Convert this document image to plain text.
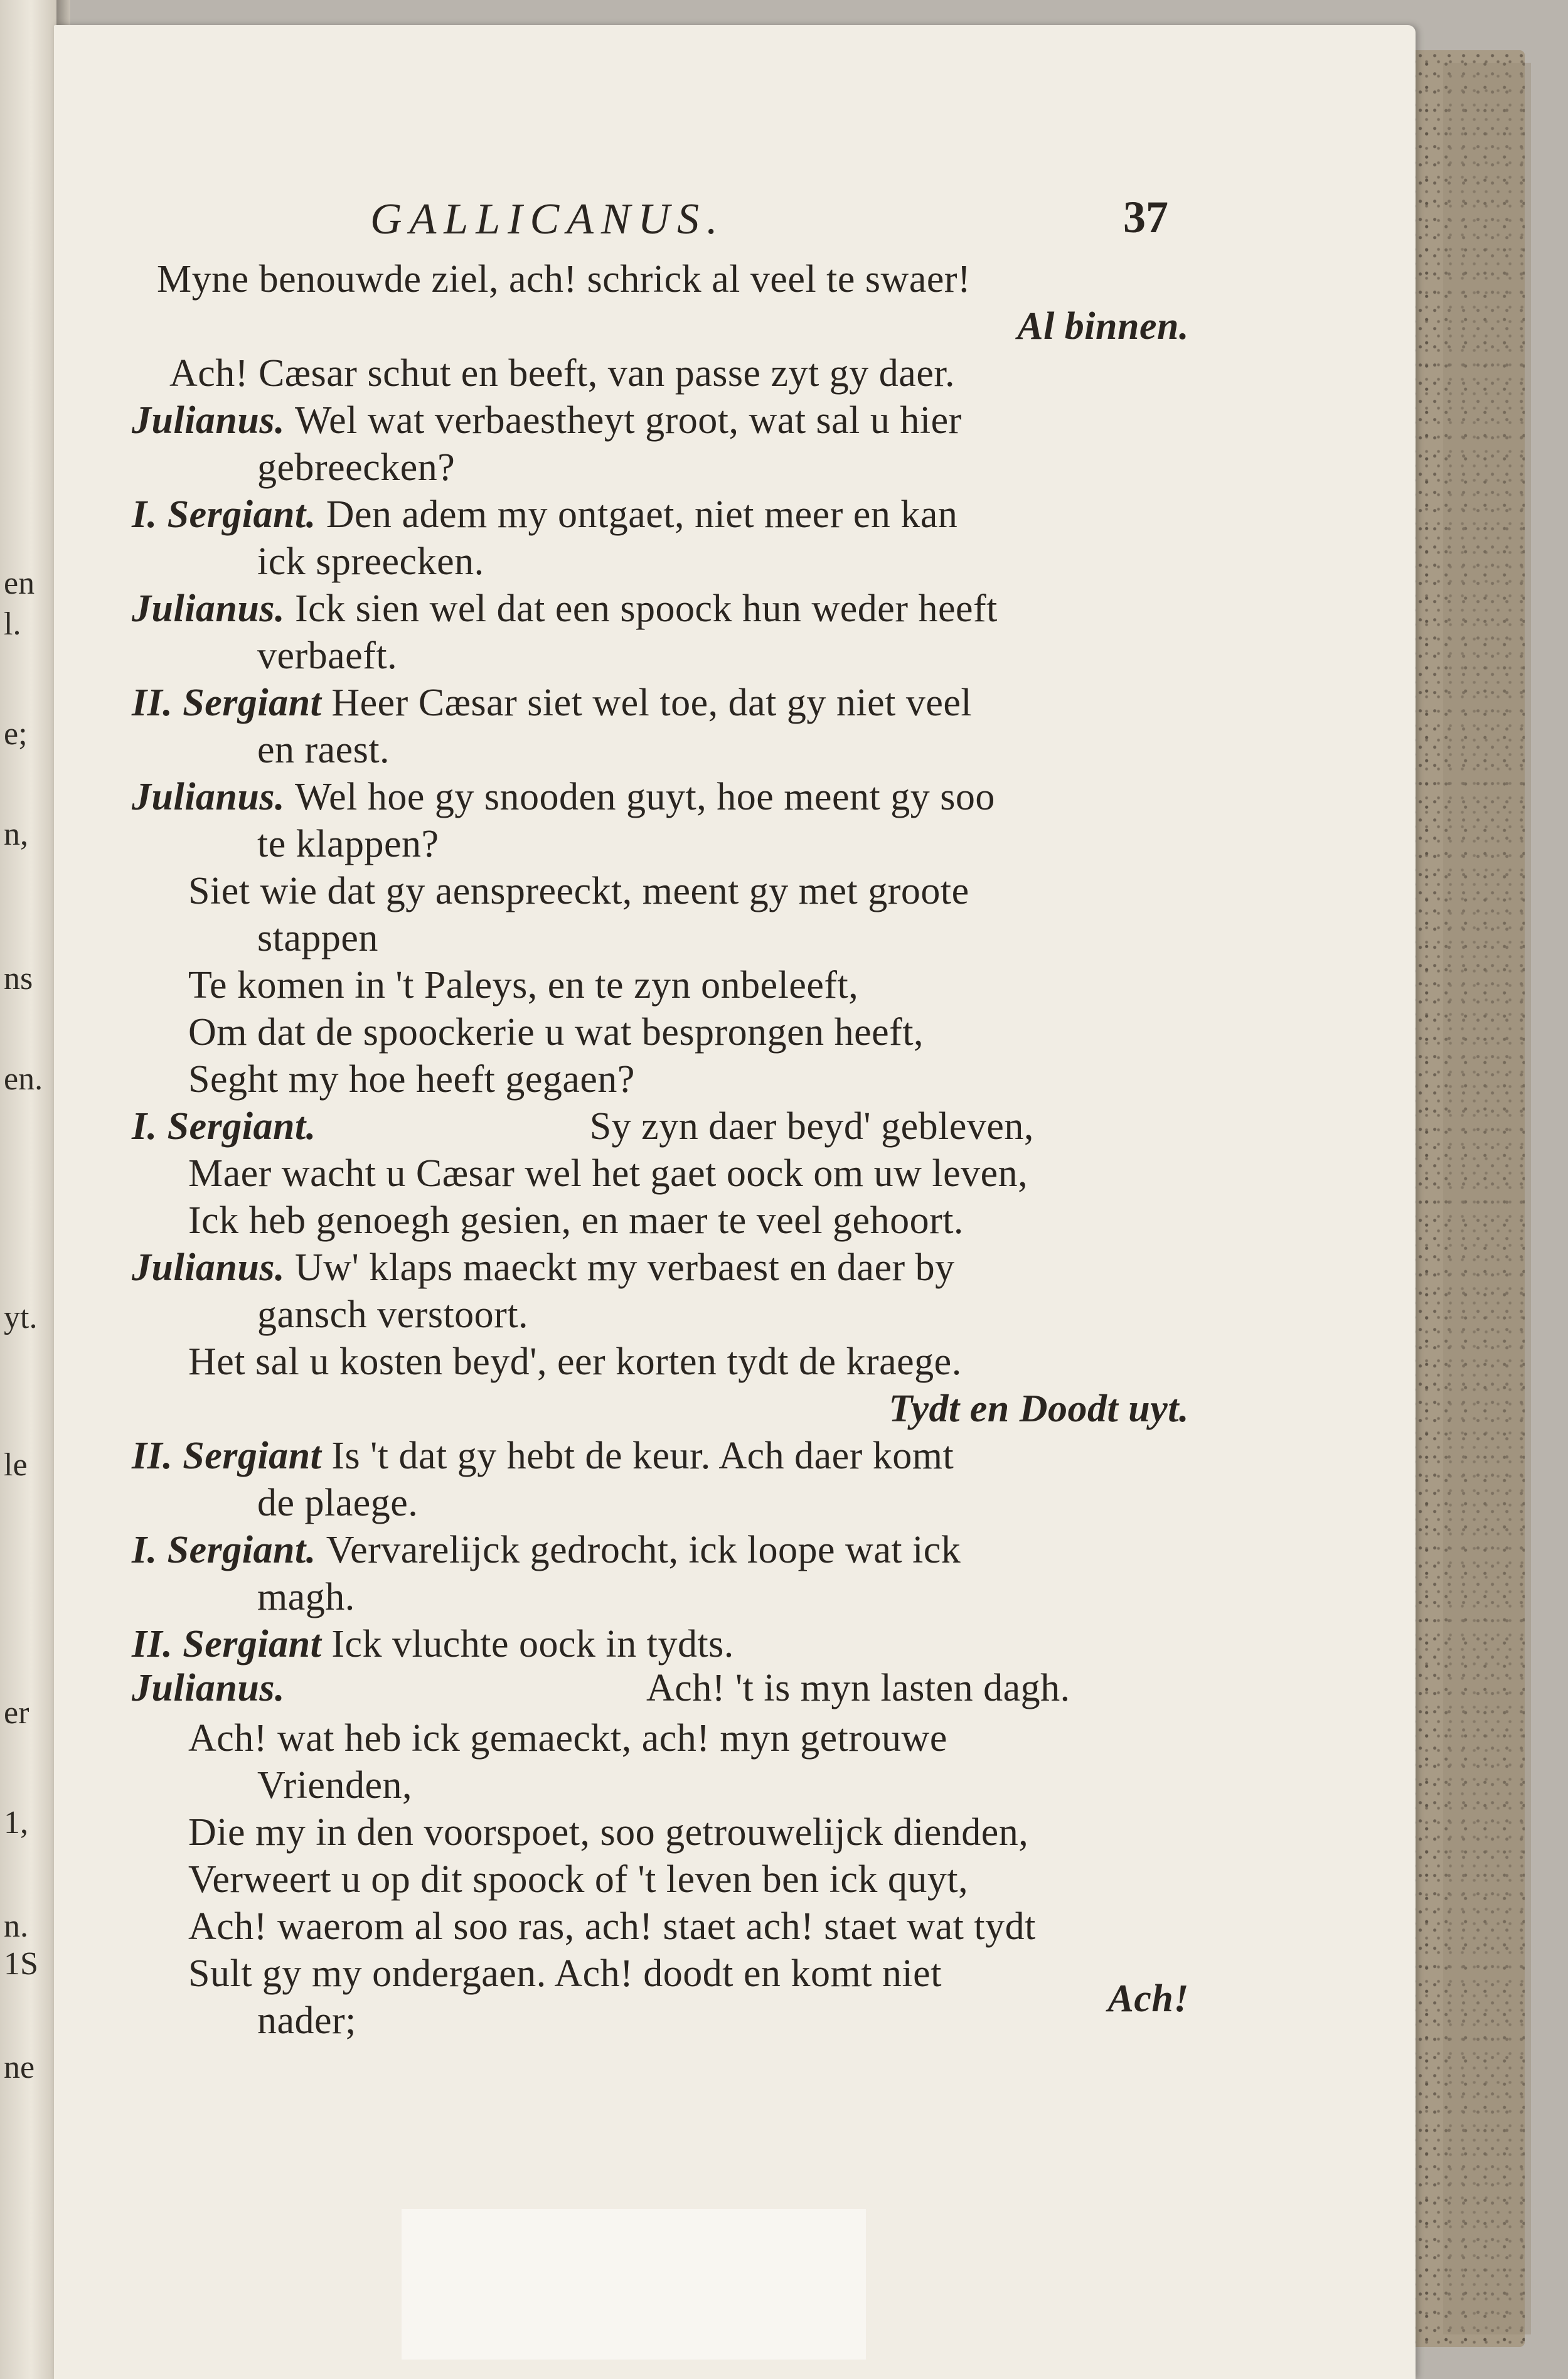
en
l.
e;
n,
ns
en.
yt.
le
er
1,
n.
1S
ne
GALLICANUS.	37
Myne benouwde ziel, ach! schrick al veel te swaer!
Al binnen.
Ach! Cæsar schut en beeft, van passe zyt gy daer.
Julianus. Wel wat verbaestheyt groot, wat sal u hier
gebreecken?
I. Sergiant. Den adem my ontgaet, niet meer en kan
ick spreecken.
Julianus. Ick sien wel dat een spoock hun weder heeft
verbaeft.
II. Sergiant Heer Cæsar siet wel toe, dat gy niet veel
en raest.
Julianus. Wel hoe gy snooden guyt, hoe meent gy soo
te klappen?
Siet wie dat gy aenspreeckt, meent gy met groote
stappen
Te komen in 't Paleys, en te zyn onbeleeft,
Om dat de spoockerie u wat besprongen heeft,
Seght my hoe heeft gegaen?
I. Sergiant.	Sy zyn daer beyd' gebleven,
Maer wacht u Cæsar wel het gaet oock om uw leven,
Ick heb genoegh gesien, en maer te veel gehoort.
Julianus. Uw' klaps maeckt my verbaest en daer by
gansch verstoort.
Het sal u kosten beyd', eer korten tydt de kraege.
Tydt en Doodt uyt.
II. Sergiant Is 't dat gy hebt de keur. Ach daer komt
de plaege.
I. Sergiant. Vervarelijck gedrocht, ick loope wat ick
magh.
II. Sergiant Ick vluchte oock in tydts.
Julianus.	Ach! 't is myn lasten dagh.
Ach! wat heb ick gemaeckt, ach! myn getrouwe
Vrienden,
Die my in den voorspoet, soo getrouwelijck dienden,
Verweert u op dit spoock of 't leven ben ick quyt,
Ach! waerom al soo ras, ach! staet ach! staet wat tydt
Sult gy my ondergaen. Ach! doodt en komt niet
nader;
Ach!
